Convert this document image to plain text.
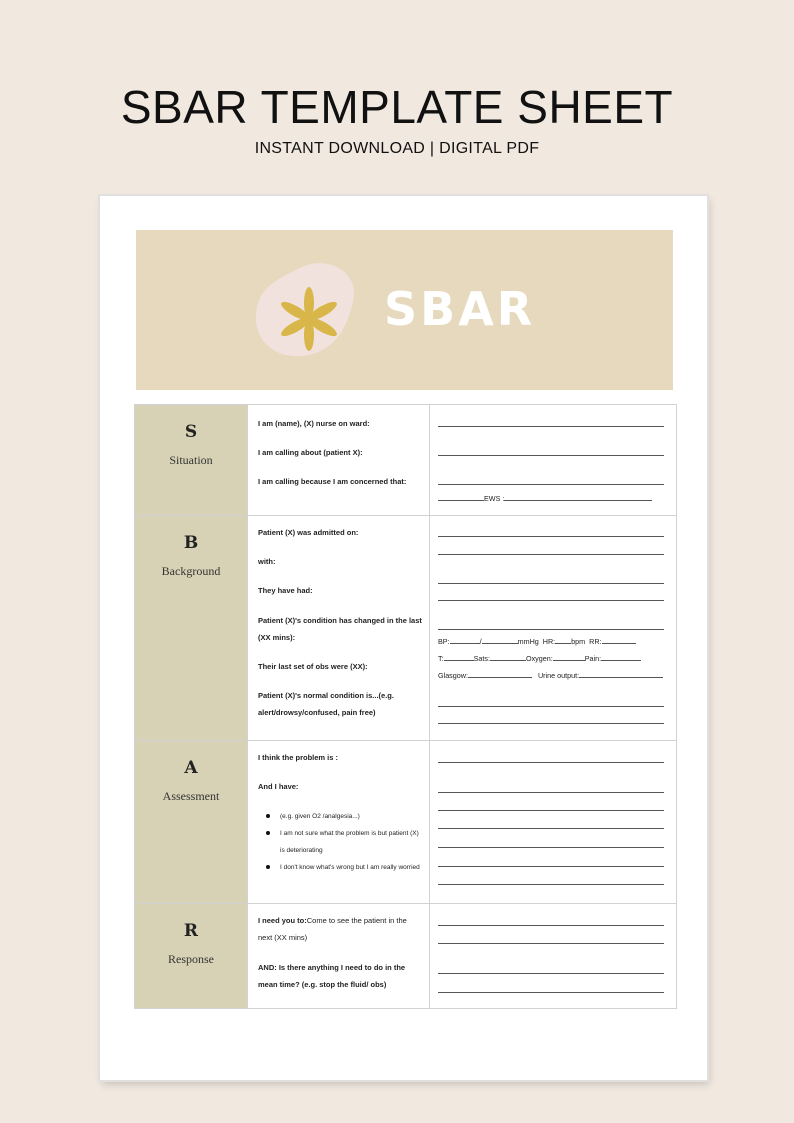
SBAR TEMPLATE SHEET
INSTANT DOWNLOAD | DIGITAL PDF
SBAR
S
Situation
I am (name), (X) nurse on ward:
I am calling about (patient X):
I am calling because I am concerned that:
EWS :
B
Background
Patient (X) was admitted on:
with:
They have had:
Patient (X)'s condition has changed in the last (XX mins):
Their last set of obs were (XX):
Patient (X)'s normal condition is...(e.g. alert/drowsy/confused, pain free)
BP:	/	mmHg HR: bpm RR:
T:	Sats:	Oxygen:	Pain:
Glasgow:	Urine output:
A
Assessment
I think the problem is :
And I have:
(e.g. given O2 /analgesia...)
I am not sure what the problem is but patient (X) is deteriorating
I don't know what's wrong but I am really worried
R
Response
I need you to:Come to see the patient in the next (XX mins)
AND: Is there anything I need to do in the mean time? (e.g. stop the fluid/ obs)
